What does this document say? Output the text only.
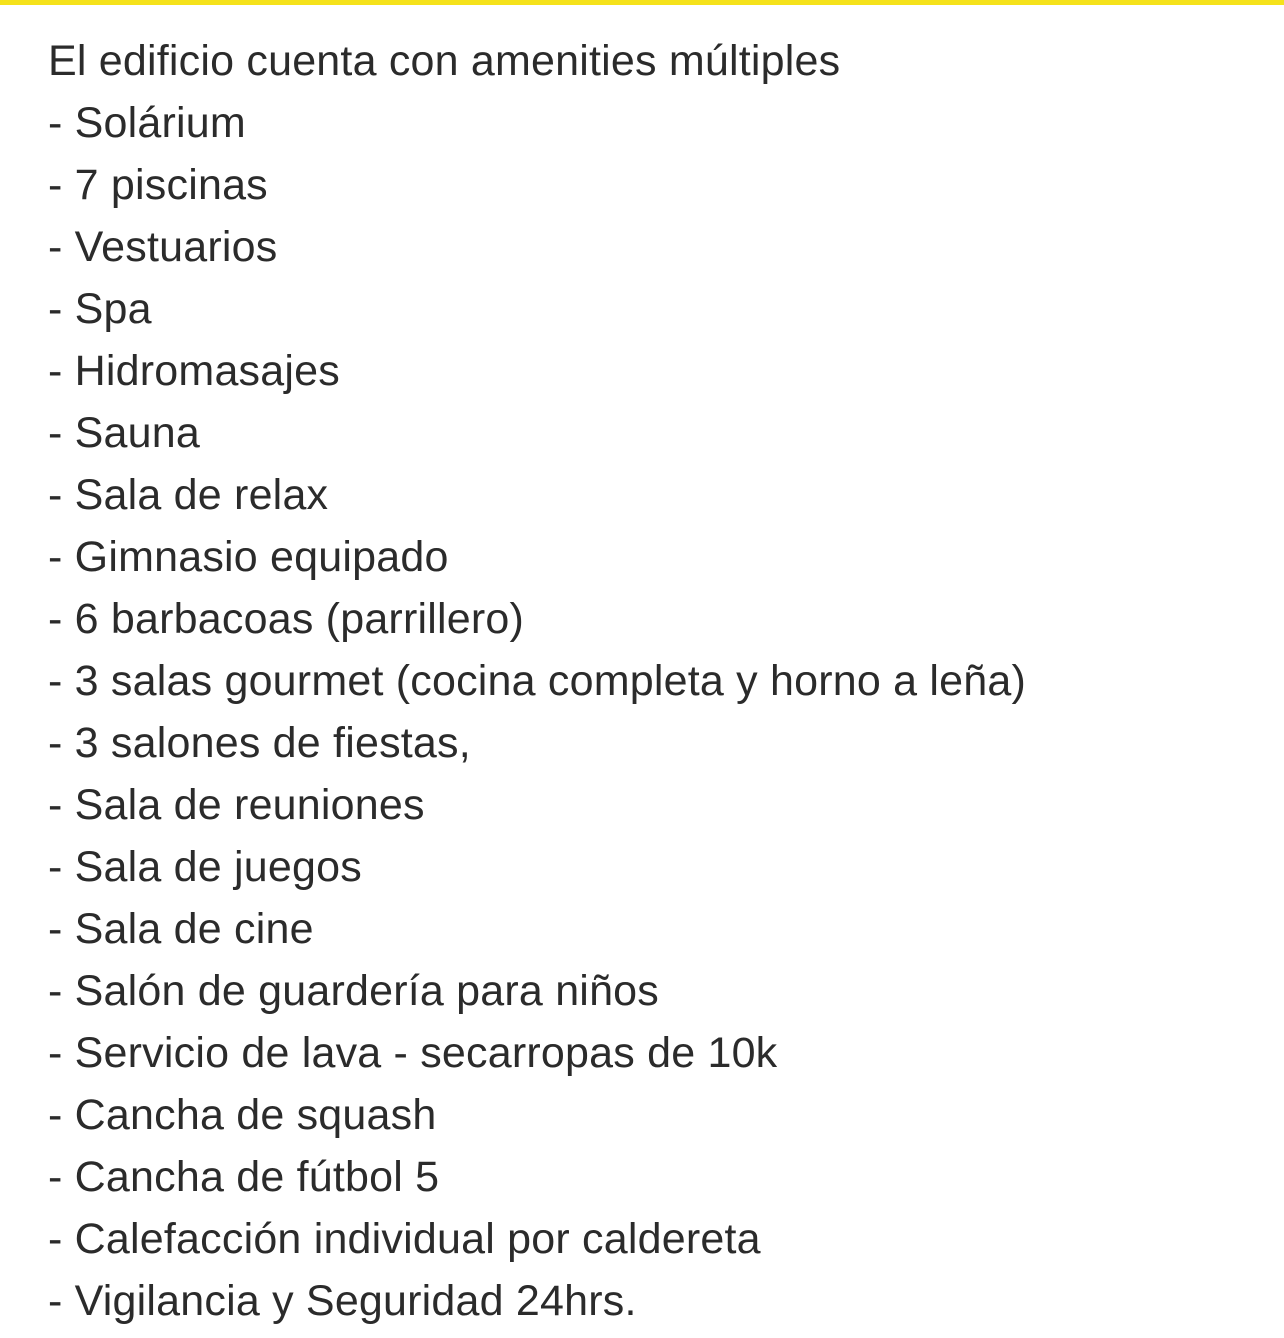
El edificio cuenta con amenities múltiples
- Solárium
- 7 piscinas
- Vestuarios
- Spa
- Hidromasajes
- Sauna
- Sala de relax
- Gimnasio equipado
- 6 barbacoas (parrillero)
- 3 salas gourmet (cocina completa y horno a leña)
- 3 salones de fiestas,
- Sala de reuniones
- Sala de juegos
- Sala de cine
- Salón de guardería para niños
- Servicio de lava - secarropas de 10k
- Cancha de squash
- Cancha de fútbol 5
- Calefacción individual por caldereta
- Vigilancia y Seguridad 24hrs.
